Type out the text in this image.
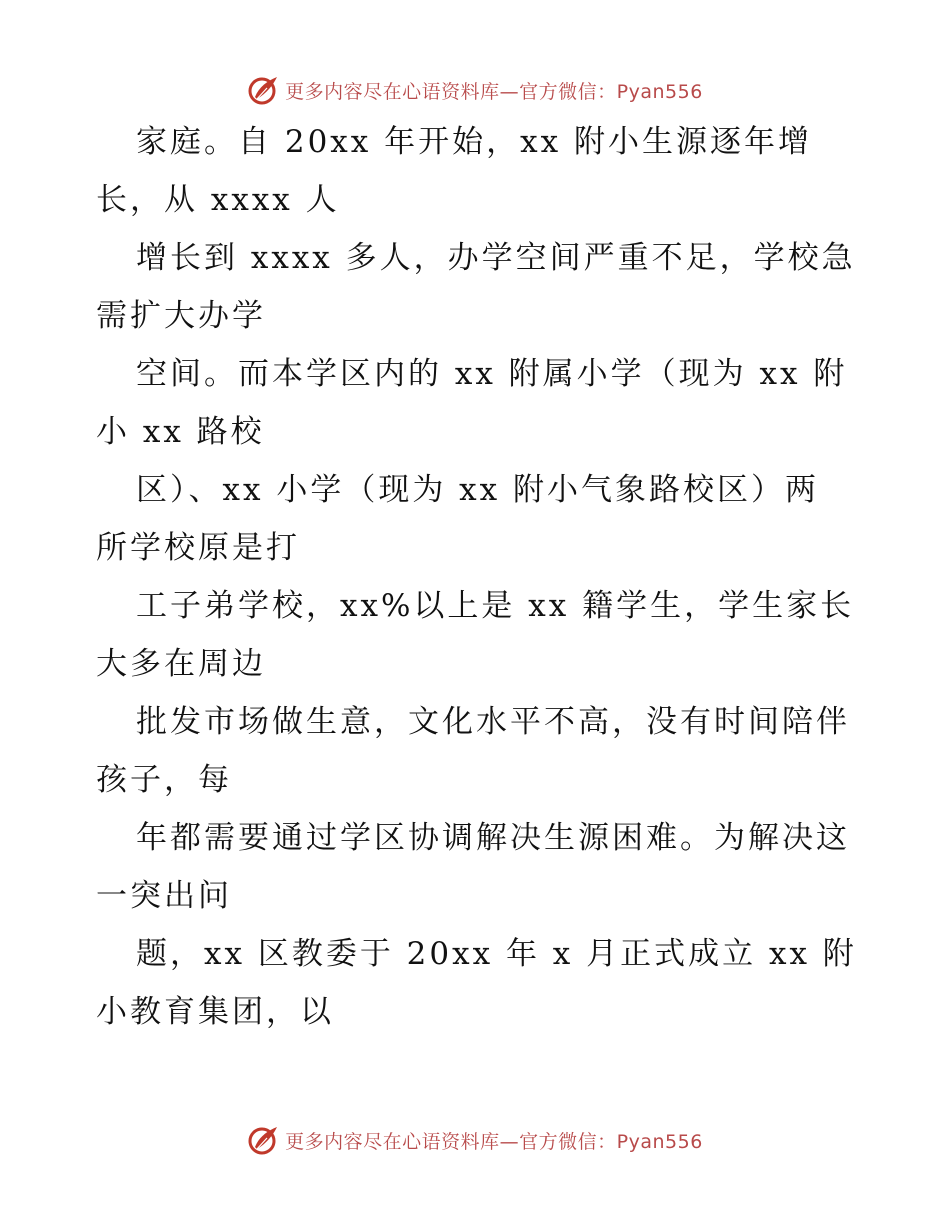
更多内容尽在心语资料库—官方微信：Pyan556
家庭。自 20xx 年开始，xx 附小生源逐年增
长，从 xxxx 人
增长到 xxxx 多人，办学空间严重不足，学校急
需扩大办学
空间。而本学区内的 xx 附属小学（现为 xx 附
小 xx 路校
区）、xx 小学（现为 xx 附小气象路校区）两
所学校原是打
工子弟学校，xx%以上是 xx 籍学生，学生家长
大多在周边
批发市场做生意，文化水平不高，没有时间陪伴
孩子，每
年都需要通过学区协调解决生源困难。为解决这
一突出问
题，xx 区教委于 20xx 年 x 月正式成立 xx 附
小教育集团，以
更多内容尽在心语资料库—官方微信：Pyan556
